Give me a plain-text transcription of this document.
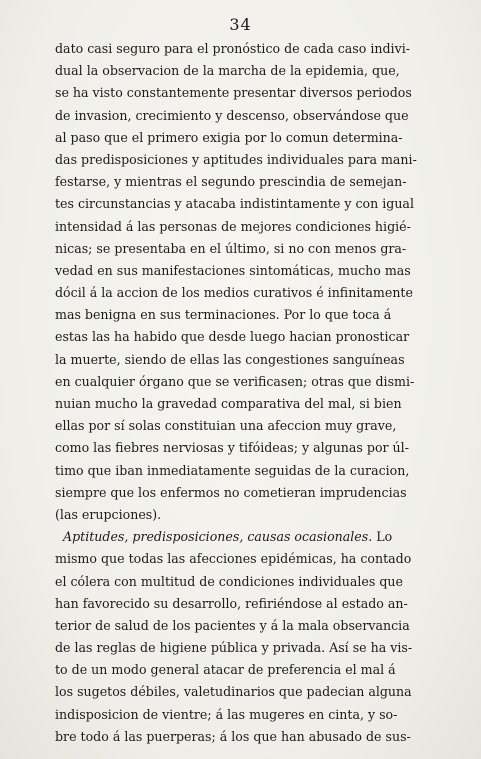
34
dato casi seguro para el pronóstico de cada caso indivi-
dual la observacion de la marcha de la epidemia, que,
se ha visto constantemente presentar diversos periodos
de invasion, crecimiento y descenso, observándose que
al paso que el primero exigia por lo comun determina-
das predisposiciones y aptitudes individuales para mani-
festarse, y mientras el segundo prescindia de semejan-
tes circunstancias y atacaba indistintamente y con igual
intensidad á las personas de mejores condiciones higié-
nicas; se presentaba en el último, si no con menos gra-
vedad en sus manifestaciones sintomáticas, mucho mas
dócil á la accion de los medios curativos é infinitamente
mas benigna en sus terminaciones. Por lo que toca á
estas las ha habido que desde luego hacian pronosticar
la muerte, siendo de ellas las congestiones sanguíneas
en cualquier órgano que se verificasen; otras que dismi-
nuian mucho la gravedad comparativa del mal, si bien
ellas por sí solas constituian una afeccion muy grave,
como las fiebres nerviosas y tifóideas; y algunas por úl-
timo que iban inmediatamente seguidas de la curacion,
siempre que los enfermos no cometieran imprudencias
(las erupciones).
Aptitudes, predisposiciones, causas ocasionales. Lo
mismo que todas las afecciones epidémicas, ha contado
el cólera con multitud de condiciones individuales que
han favorecido su desarrollo, refiriéndose al estado an-
terior de salud de los pacientes y á la mala observancia
de las reglas de higiene pública y privada. Así se ha vis-
to de un modo general atacar de preferencia el mal á
los sugetos débiles, valetudinarios que padecian alguna
indisposicion de vientre; á las mugeres en cinta, y so-
bre todo á las puerperas; á los que han abusado de sus-
